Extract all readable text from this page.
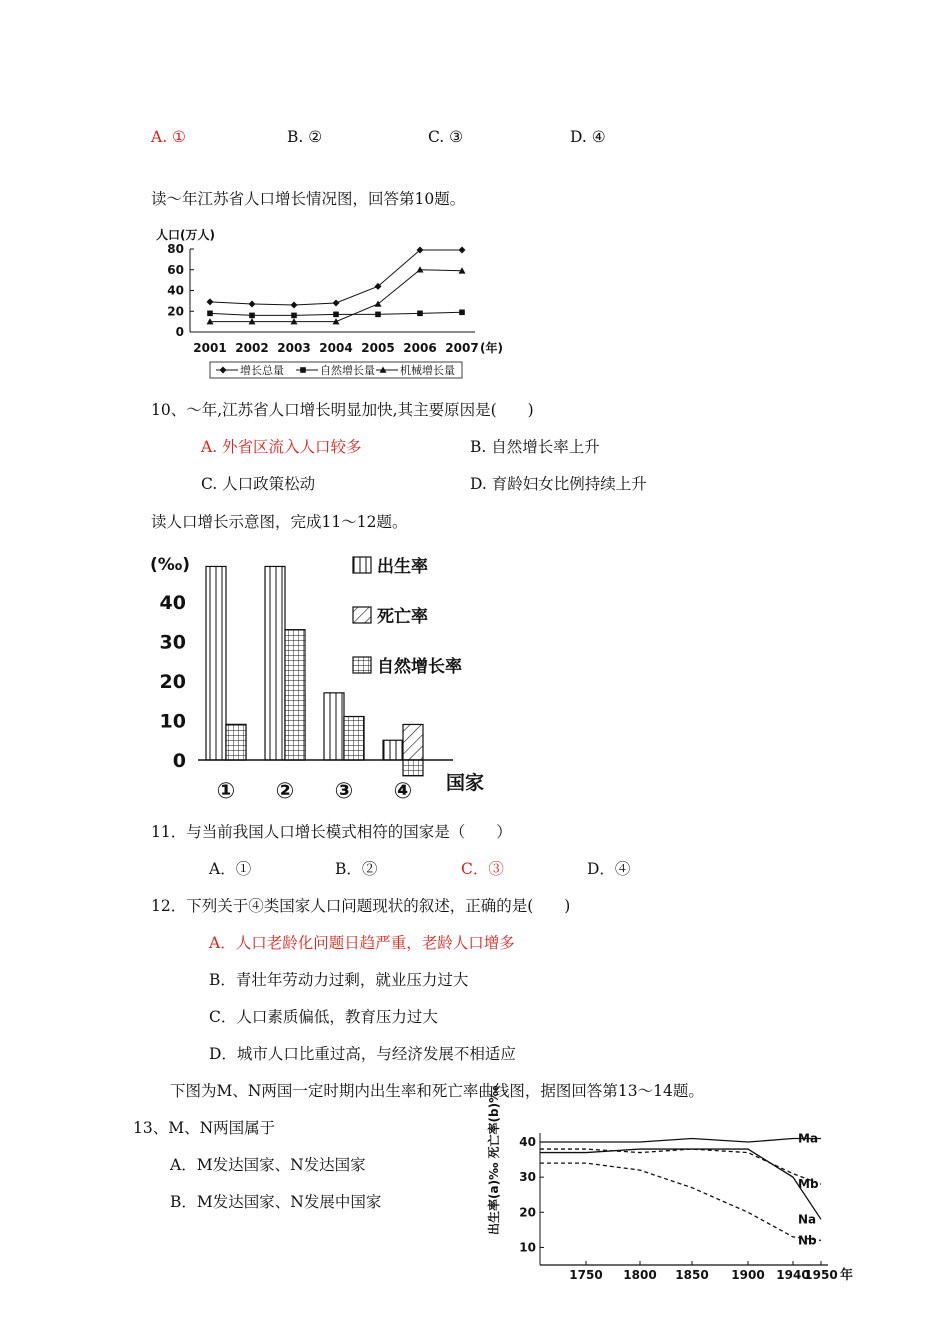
A. ①	B. ②	C. ③	D. ④
读～年江苏省人口增长情况图，回答第10题。
人口(万人)
0
20
40
60
80
2001 2002 2003 2004 2005 2006 2007 (年)
增长总量	自然增长量 机械增长量
10、～年,江苏省人口增长明显加快,其主要原因是(　　)
A. 外省区流入人口较多	B. 自然增长率上升
C. 人口政策松动	D. 育龄妇女比例持续上升
读人口增长示意图，完成11～12题。
(‰)
0
10
20
30
40
① ② ③ ④ 国家
出生率
死亡率
自然增长率
11．与当前我国人口增长模式相符的国家是（　　）
A．①	B．②	C．③	D．④
12．下列关于④类国家人口问题现状的叙述，正确的是(　　)
A．人口老龄化问题日趋严重，老龄人口增多
B．青壮年劳动力过剩，就业压力过大
C．人口素质偏低，教育压力过大
D．城市人口比重过高，与经济发展不相适应
下图为M、N两国一定时期内出生率和死亡率曲线图，据图回答第13～14题。
13、M、N两国属于
A．M发达国家、N发达国家
B．M发达国家、N发展中国家	出生率(a)‰ 死亡率(b)‰
10
20
30
40
1750 1800 1850 1900 1940
1950
Ma
Mb
Na
Nb
年
